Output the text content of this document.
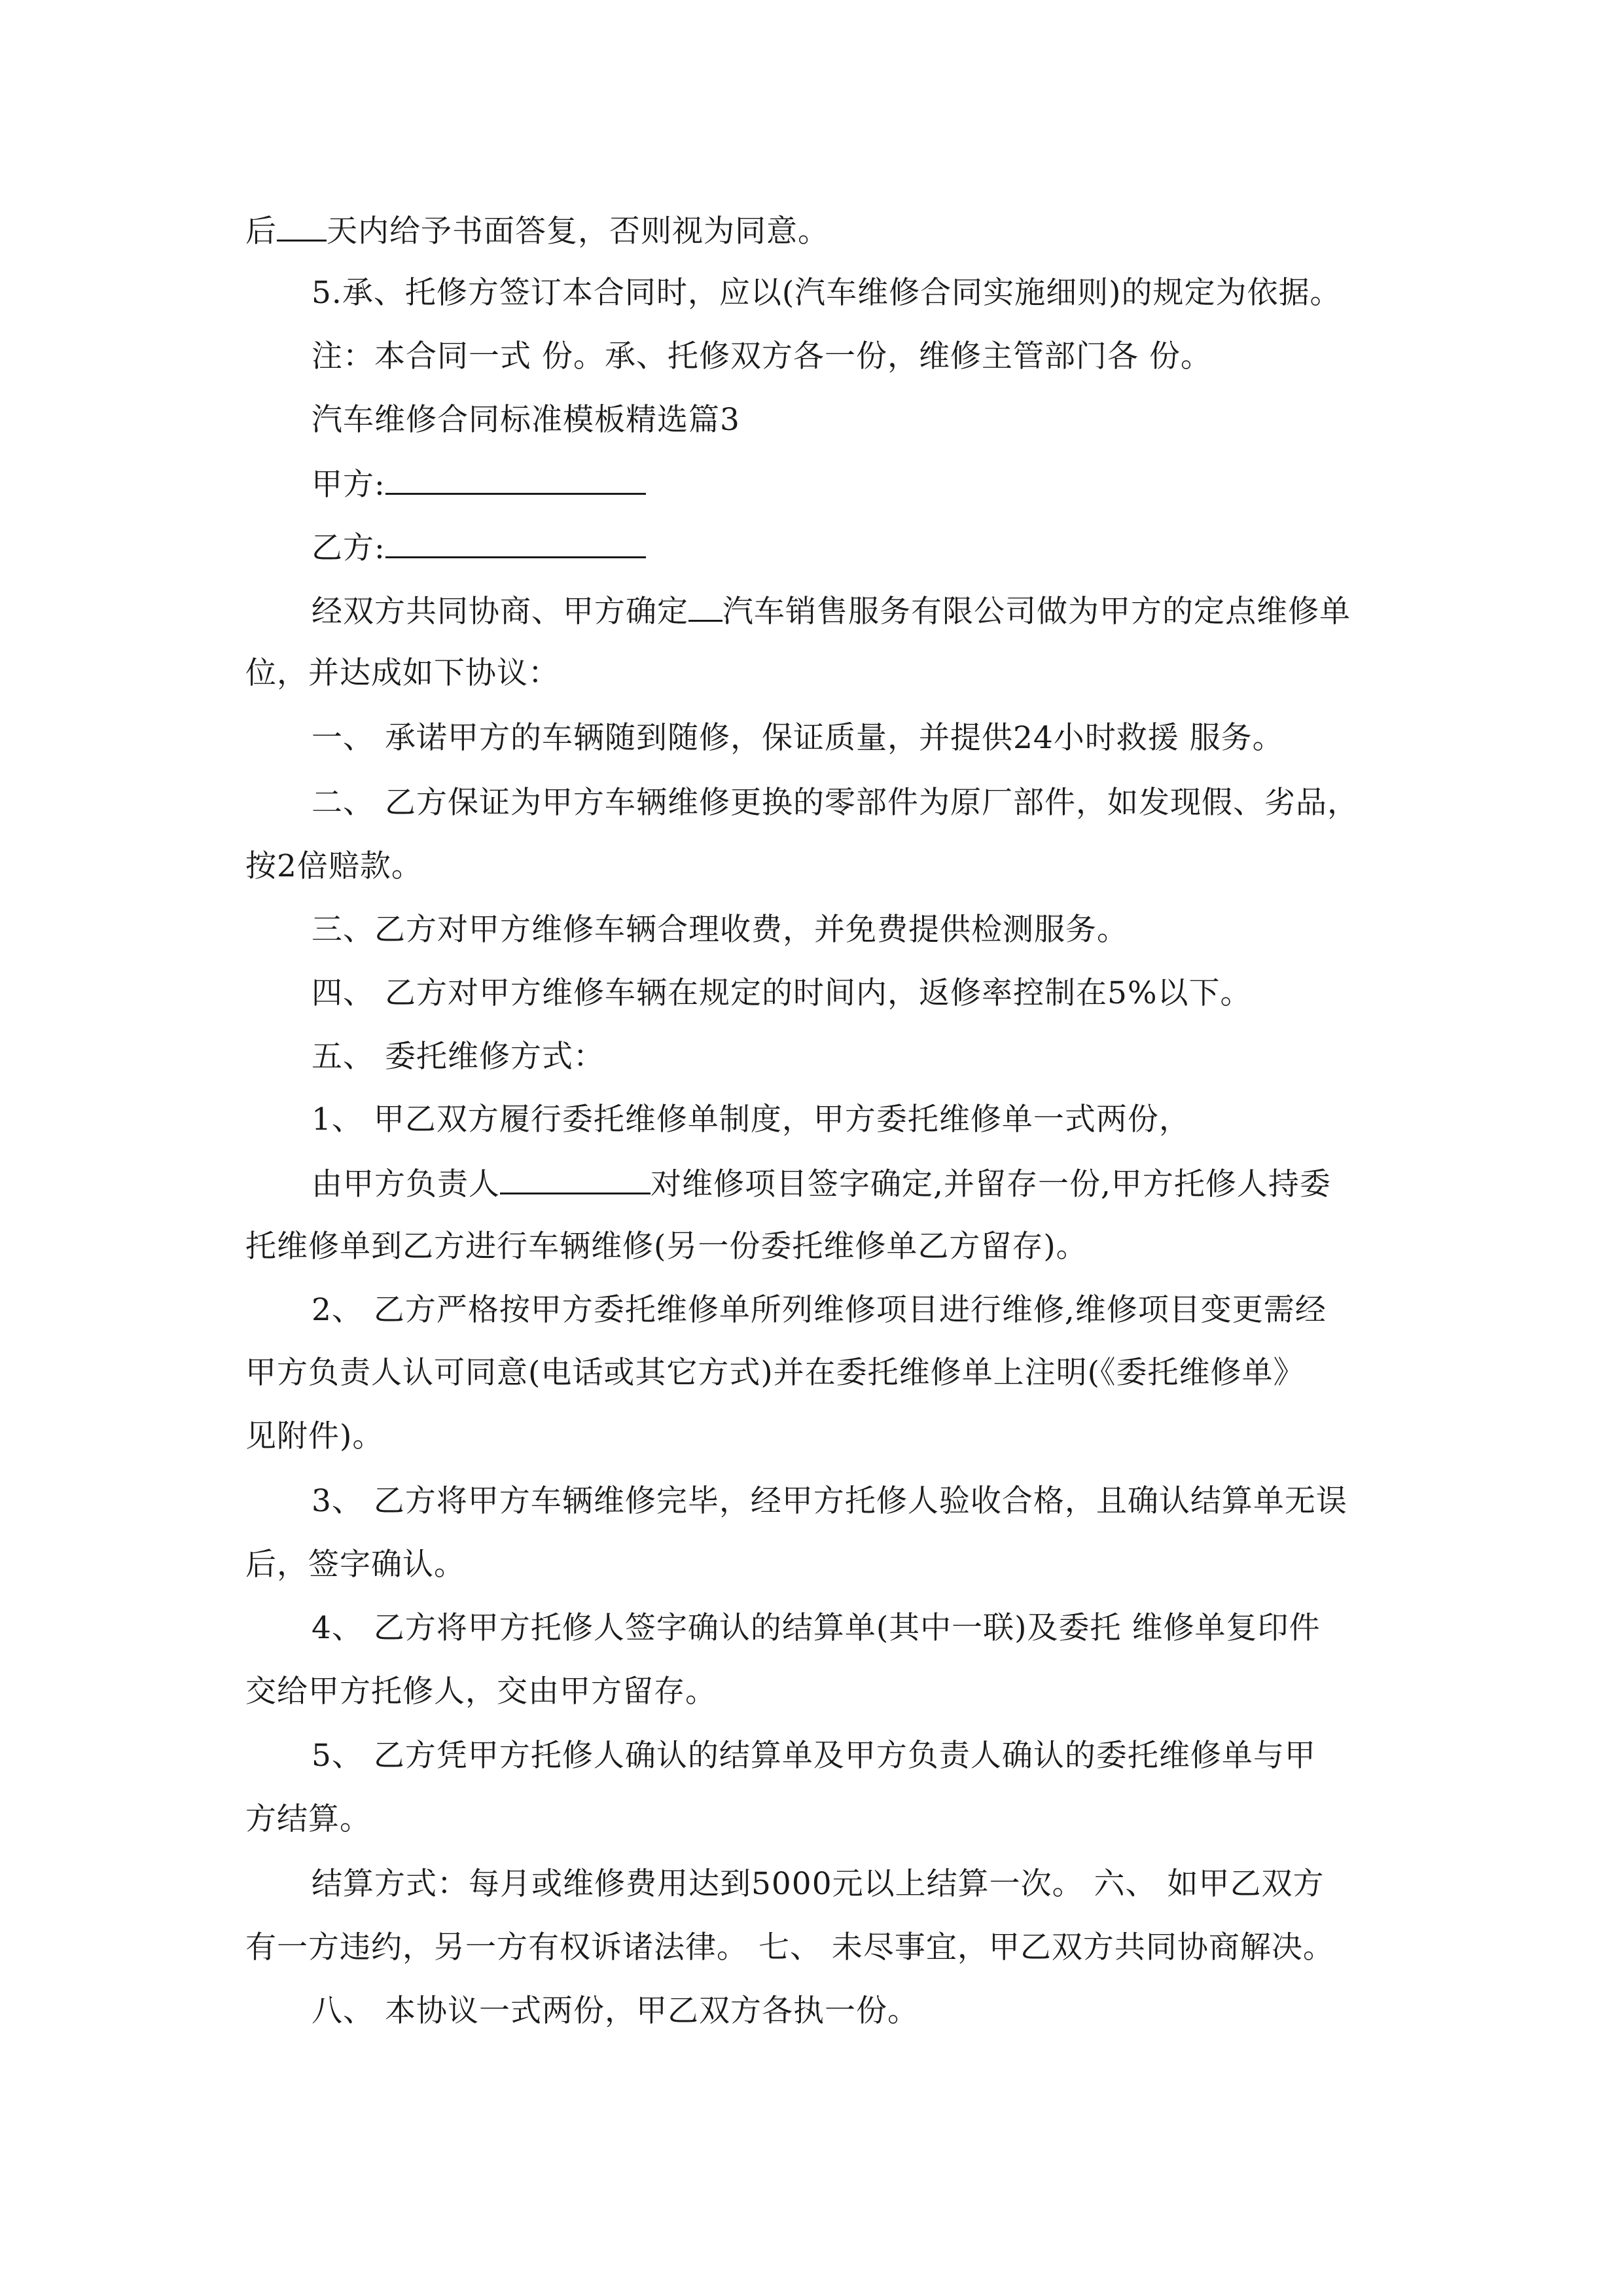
后 天内给予书面答复，否则视为同意。
5.承、托修方签订本合同时，应以(汽车维修合同实施细则)的规定为依据。
注：本合同一式 份。承、托修双方各一份，维修主管部门各 份。
汽车维修合同标准模板精选篇3
甲方:
乙方:
经双方共同协商、甲方确定 汽车销售服务有限公司做为甲方的定点维修单
位，并达成如下协议：
一、 承诺甲方的车辆随到随修，保证质量，并提供24小时救援 服务。
二、 乙方保证为甲方车辆维修更换的零部件为原厂部件，如发现假、劣品，
按2倍赔款。
三、乙方对甲方维修车辆合理收费，并免费提供检测服务。
四、 乙方对甲方维修车辆在规定的时间内，返修率控制在5%以下。
五、 委托维修方式：
1、 甲乙双方履行委托维修单制度，甲方委托维修单一式两份，
由甲方负责人	对维修项目签字确定,并留存一份,甲方托修人持委
托维修单到乙方进行车辆维修(另一份委托维修单乙方留存)。
2、 乙方严格按甲方委托维修单所列维修项目进行维修,维修项目变更需经
甲方负责人认可同意(电话或其它方式)并在委托维修单上注明(《委托维修单》
见附件)。
3、 乙方将甲方车辆维修完毕，经甲方托修人验收合格，且确认结算单无误
后，签字确认。
4、 乙方将甲方托修人签字确认的结算单(其中一联)及委托 维修单复印件
交给甲方托修人，交由甲方留存。
5、 乙方凭甲方托修人确认的结算单及甲方负责人确认的委托维修单与甲
方结算。
结算方式：每月或维修费用达到5000元以上结算一次。 六、 如甲乙双方
有一方违约，另一方有权诉诸法律。 七、 未尽事宜，甲乙双方共同协商解决。
八、 本协议一式两份，甲乙双方各执一份。
